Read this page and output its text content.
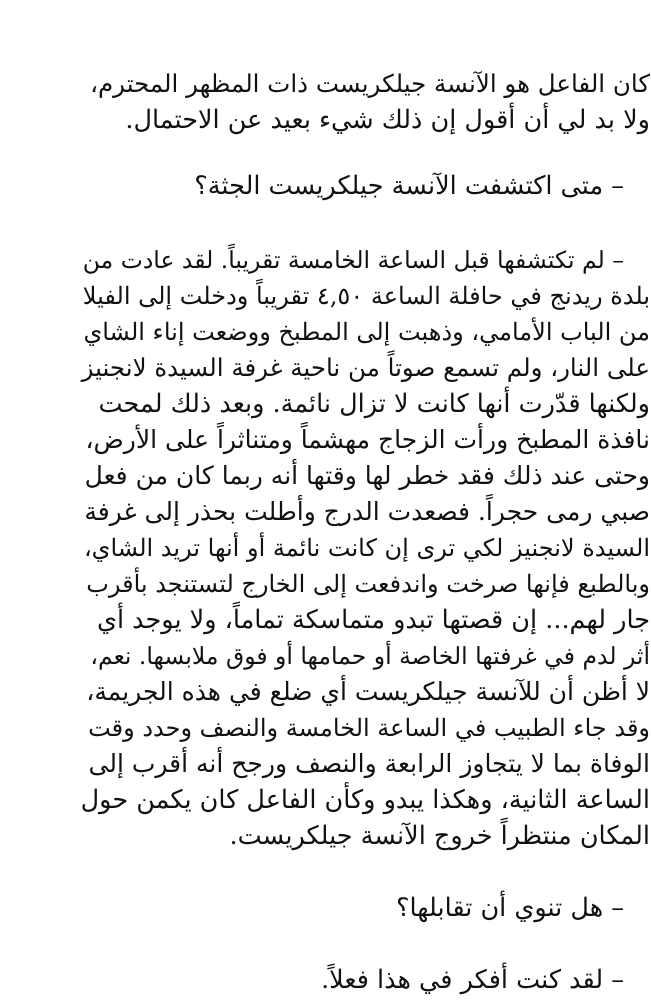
كان الفاعل هو الآنسة جيلكريست ذات المظهر المحترم،
ولا بد لي أن أقول إن ذلك شيء بعيد عن الاحتمال.
– متى اكتشفت الآنسة جيلكريست الجثة؟
– لم تكتشفها قبل الساعة الخامسة تقريباً. لقد عادت من
بلدة ريدنج في حافلة الساعة ٤,٥٠ تقريباً ودخلت إلى الفيلا
من الباب الأمامي، وذهبت إلى المطبخ ووضعت إناء الشاي
على النار، ولم تسمع صوتاً من ناحية غرفة السيدة لانجنيز
ولكنها قدّرت أنها كانت لا تزال نائمة. وبعد ذلك لمحت
نافذة المطبخ ورأت الزجاج مهشماً ومتناثراً على الأرض،
وحتى عند ذلك فقد خطر لها وقتها أنه ربما كان من فعل
صبي رمى حجراً. فصعدت الدرج وأطلت بحذر إلى غرفة
السيدة لانجنيز لكي ترى إن كانت نائمة أو أنها تريد الشاي،
وبالطبع فإنها صرخت واندفعت إلى الخارج لتستنجد بأقرب
جار لهم... إن قصتها تبدو متماسكة تماماً، ولا يوجد أي
أثر لدم في غرفتها الخاصة أو حمامها أو فوق ملابسها. نعم،
لا أظن أن للآنسة جيلكريست أي ضلع في هذه الجريمة،
وقد جاء الطبيب في الساعة الخامسة والنصف وحدد وقت
الوفاة بما لا يتجاوز الرابعة والنصف ورجح أنه أقرب إلى
الساعة الثانية، وهكذا يبدو وكأن الفاعل كان يكمن حول
المكان منتظراً خروج الآنسة جيلكريست.
– هل تنوي أن تقابلها؟
– لقد كنت أفكر في هذا فعلاً.
